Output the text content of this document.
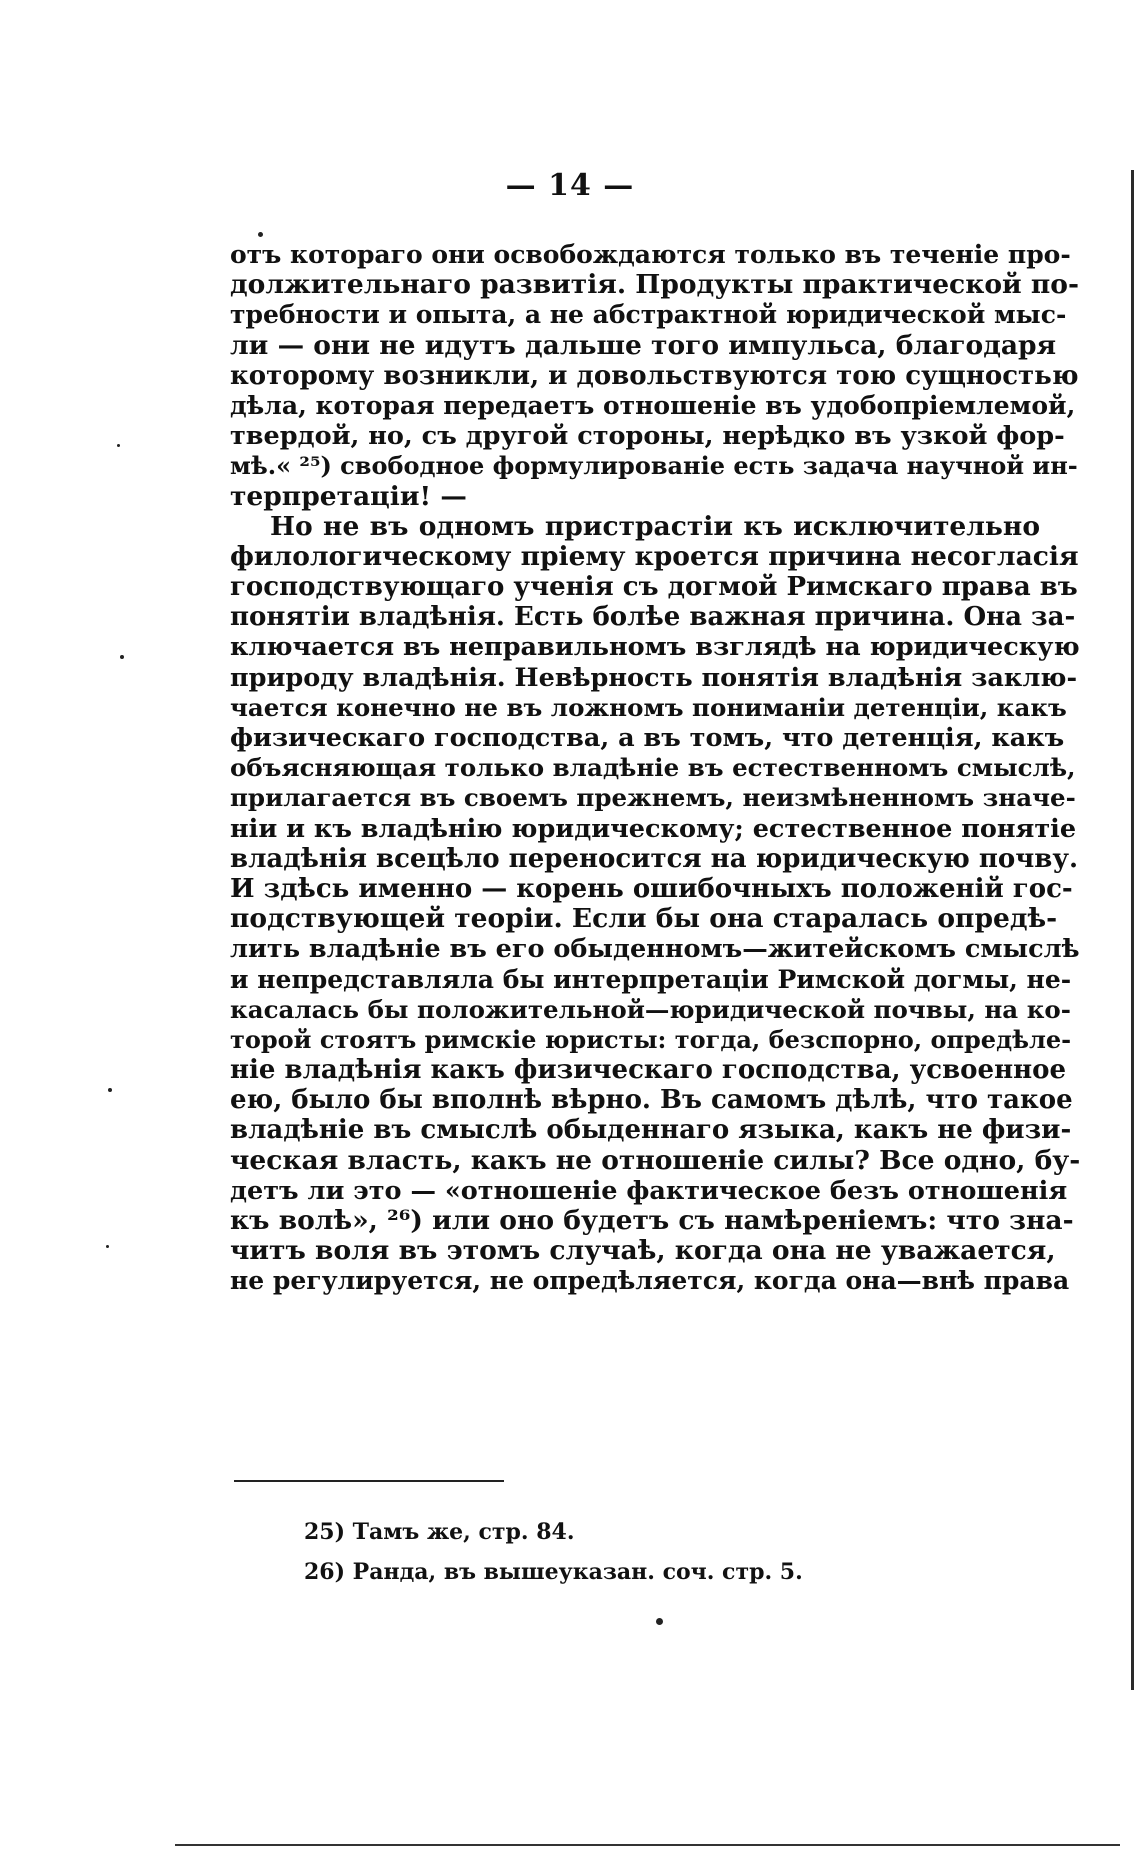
— 14 —
отъ котораго они освобождаются только въ теченіе про-
должительнаго развитія. Продукты практической по-
требности и опыта, а не абстрактной юридической мыс-
ли — они не идутъ дальше того импульса, благодаря
которому возникли, и довольствуются тою сущностью
дѣла, которая передаетъ отношеніе въ удобопріемлемой,
твердой, но, съ другой стороны, нерѣдко въ узкой фор-
мѣ.« ²⁵) свободное формулированіе есть задача научной ин-
терпретаціи! —
Но не въ одномъ пристрастіи къ исключительно
филологическому пріему кроется причина несогласія
господствующаго ученія съ догмой Римскаго права въ
понятіи владѣнія. Есть болѣе важная причина. Она за-
ключается въ неправильномъ взглядѣ на юридическую
природу владѣнія. Невѣрность понятія владѣнія заклю-
чается конечно не въ ложномъ пониманіи детенціи, какъ
физическаго господства, а въ томъ, что детенція, какъ
объясняющая только владѣніе въ естественномъ смыслѣ,
прилагается въ своемъ прежнемъ, неизмѣненномъ значе-
ніи и къ владѣнію юридическому; естественное понятіе
владѣнія всецѣло переносится на юридическую почву.
И здѣсь именно — корень ошибочныхъ положеній гос-
подствующей теоріи. Если бы она старалась опредѣ-
лить владѣніе въ его обыденномъ—житейскомъ смыслѣ
и непредставляла бы интерпретаціи Римской догмы, не-
касалась бы положительной—юридической почвы, на ко-
торой стоятъ римскіе юристы: тогда, безспорно, опредѣле-
ніе владѣнія какъ физическаго господства, усвоенное
ею, было бы вполнѣ вѣрно. Въ самомъ дѣлѣ, что такое
владѣніе въ смыслѣ обыденнаго языка, какъ не физи-
ческая власть, какъ не отношеніе силы? Все одно, бу-
детъ ли это — «отношеніе фактическое безъ отношенія
къ волѣ», ²⁶) или оно будетъ съ намѣреніемъ: что зна-
читъ воля въ этомъ случаѣ, когда она не уважается,
не регулируется, не опредѣляется, когда она—внѣ права
25) Тамъ же, стр. 84.
26) Ранда, въ вышеуказан. соч. стр. 5.
